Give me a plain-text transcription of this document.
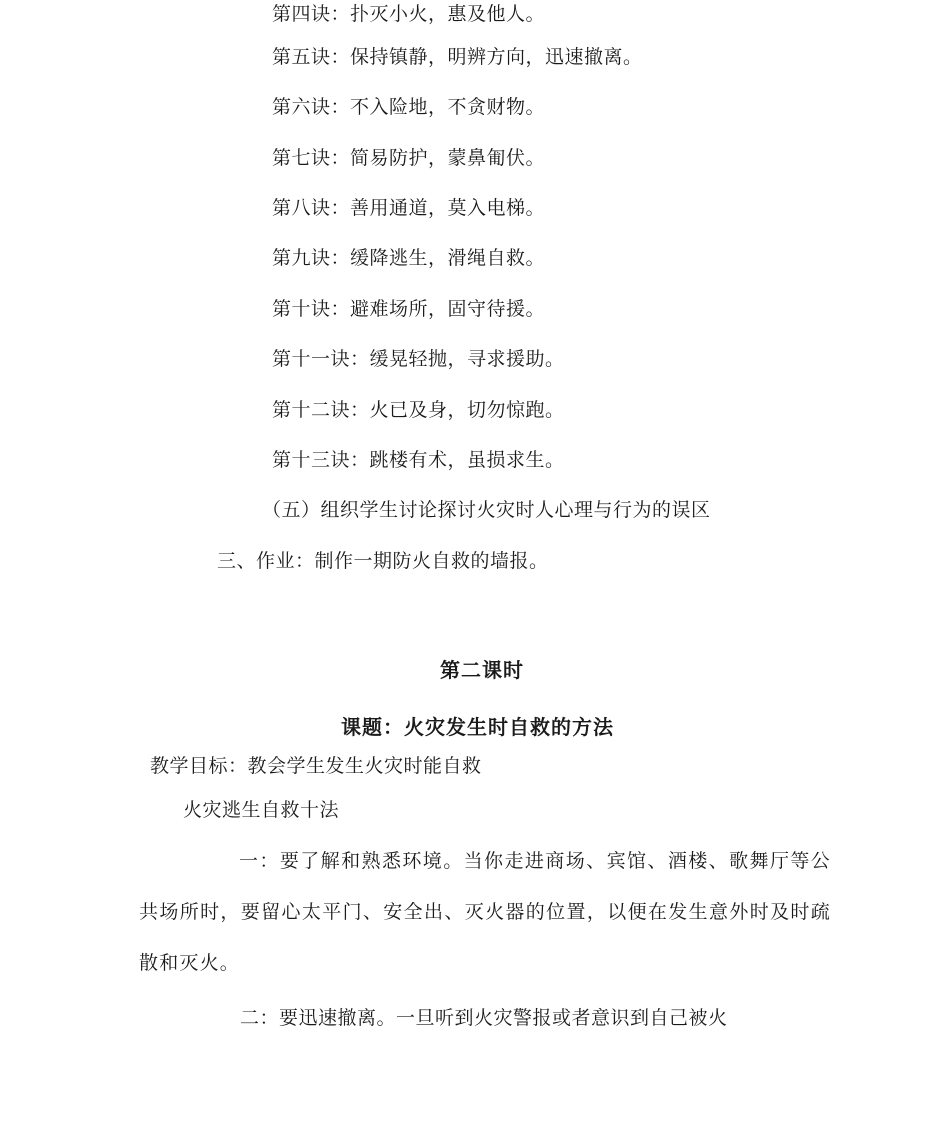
第四诀：扑灭小火，惠及他人。
第五诀：保持镇静，明辨方向，迅速撤离。
第六诀：不入险地，不贪财物。
第七诀：简易防护，蒙鼻匍伏。
第八诀：善用通道，莫入电梯。
第九诀：缓降逃生，滑绳自救。
第十诀：避难场所，固守待援。
第十一诀：缓晃轻抛，寻求援助。
第十二诀：火已及身，切勿惊跑。
第十三诀：跳楼有术，虽损求生。
（五）组织学生讨论探讨火灾时人心理与行为的误区
三、作业：制作一期防火自救的墙报。
第二课时
课题：火灾发生时自救的方法
教学目标：教会学生发生火灾时能自救
火灾逃生自救十法
一：要了解和熟悉环境。当你走进商场、宾馆、酒楼、歌舞厅等公共场所时，要留心太平门、安全出、灭火器的位置，以便在发生意外时及时疏散和灭火。
二：要迅速撤离。一旦听到火灾警报或者意识到自己被火
